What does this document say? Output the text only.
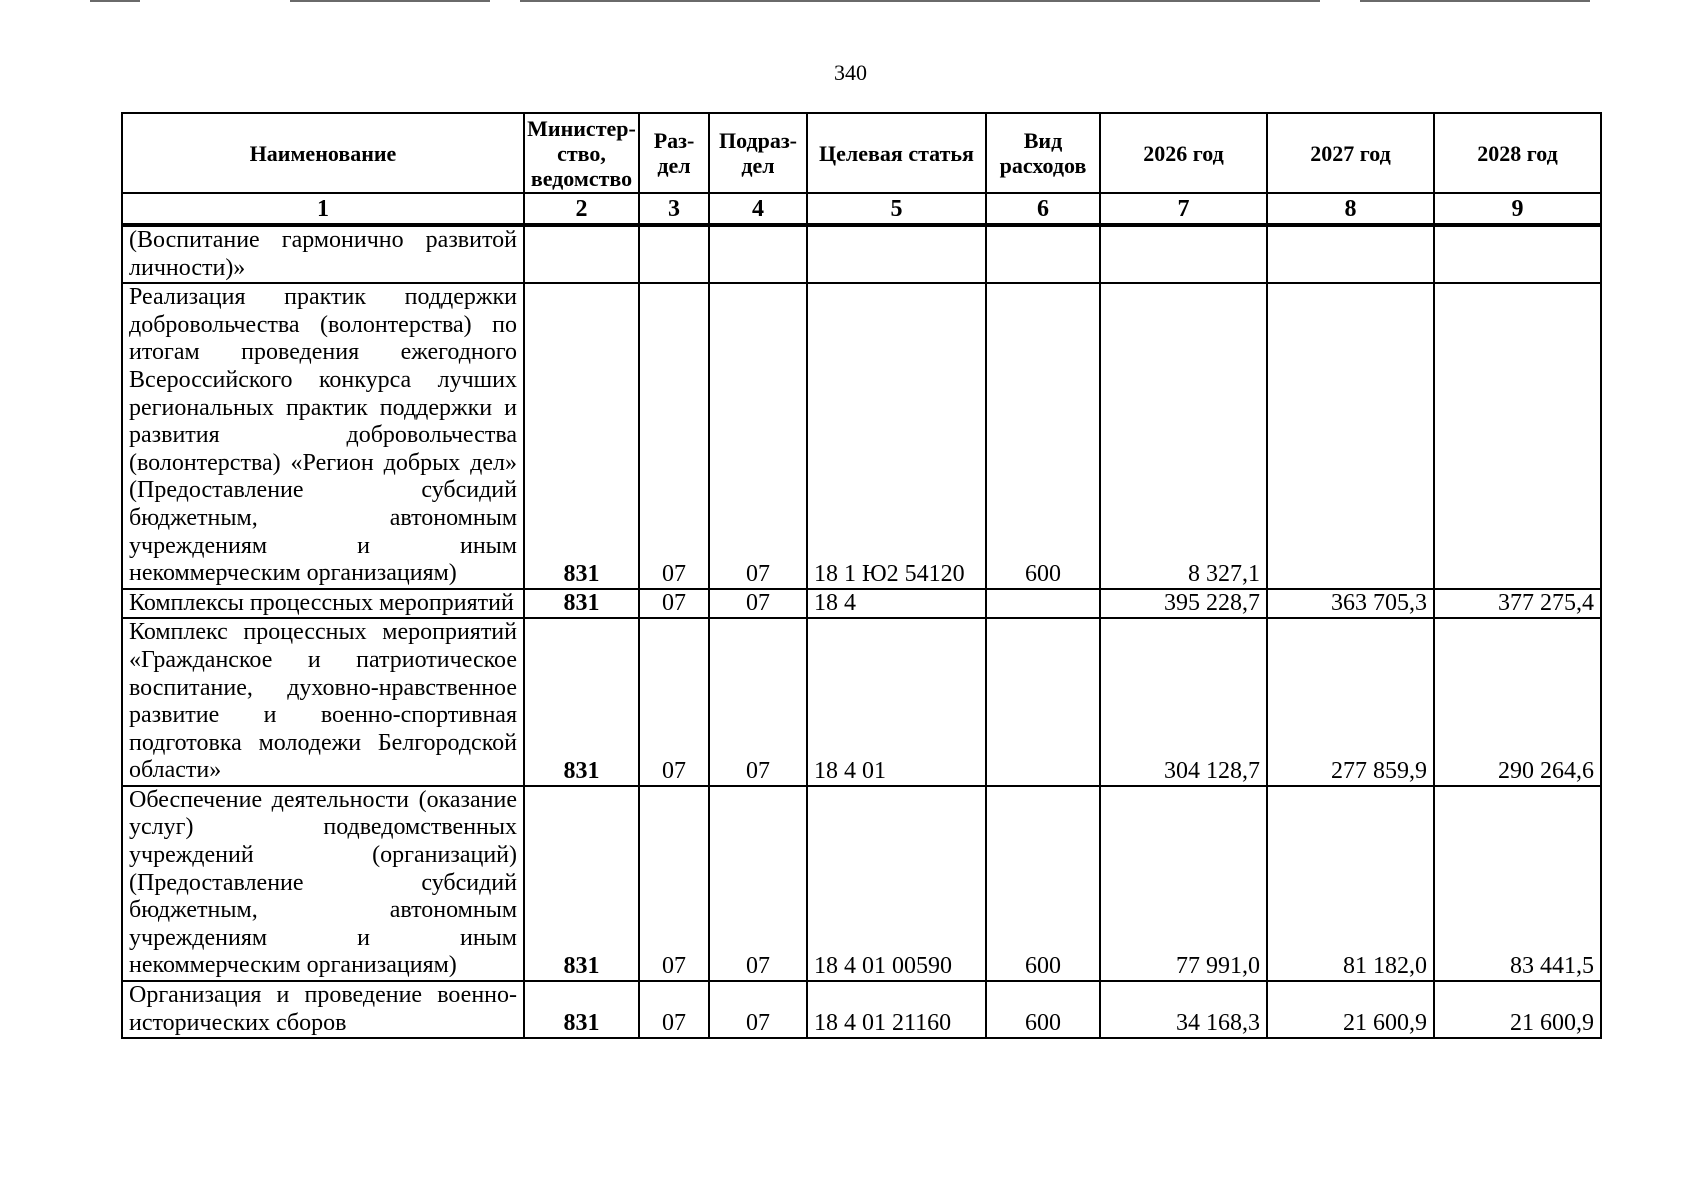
340
Наименование	Министер-ство, ведомство	Раз-дел	Подраз-дел	Целевая статья	Вид расходов	2026 год	2027 год	2028 год
1	2	3	4	5	6	7	8	9
(Воспитание гармонично развитой личности)»								
Реализация практик поддержки добровольчества (волонтерства) по итогам проведения ежегодного Всероссийского конкурса лучших региональных практик поддержки и развития добровольчества (волонтерства) «Регион добрых дел» (Предоставление субсидий бюджетным, автономным учреждениям и иным некоммерческим организациям)	831	07	07	18 1 Ю2 54120	600	8 327,1		
Комплексы процессных мероприятий	831	07	07	18 4		395 228,7	363 705,3	377 275,4
Комплекс процессных мероприятий «Гражданское и патриотическое воспитание, духовно-нравственное развитие и военно-спортивная подготовка молодежи Белгородской области»	831	07	07	18 4 01		304 128,7	277 859,9	290 264,6
Обеспечение деятельности (оказание услуг) подведомственных учреждений (организаций) (Предоставление субсидий бюджетным, автономным учреждениям и иным некоммерческим организациям)	831	07	07	18 4 01 00590	600	77 991,0	81 182,0	83 441,5
Организация и проведение военно-исторических сборов	831	07	07	18 4 01 21160	600	34 168,3	21 600,9	21 600,9
